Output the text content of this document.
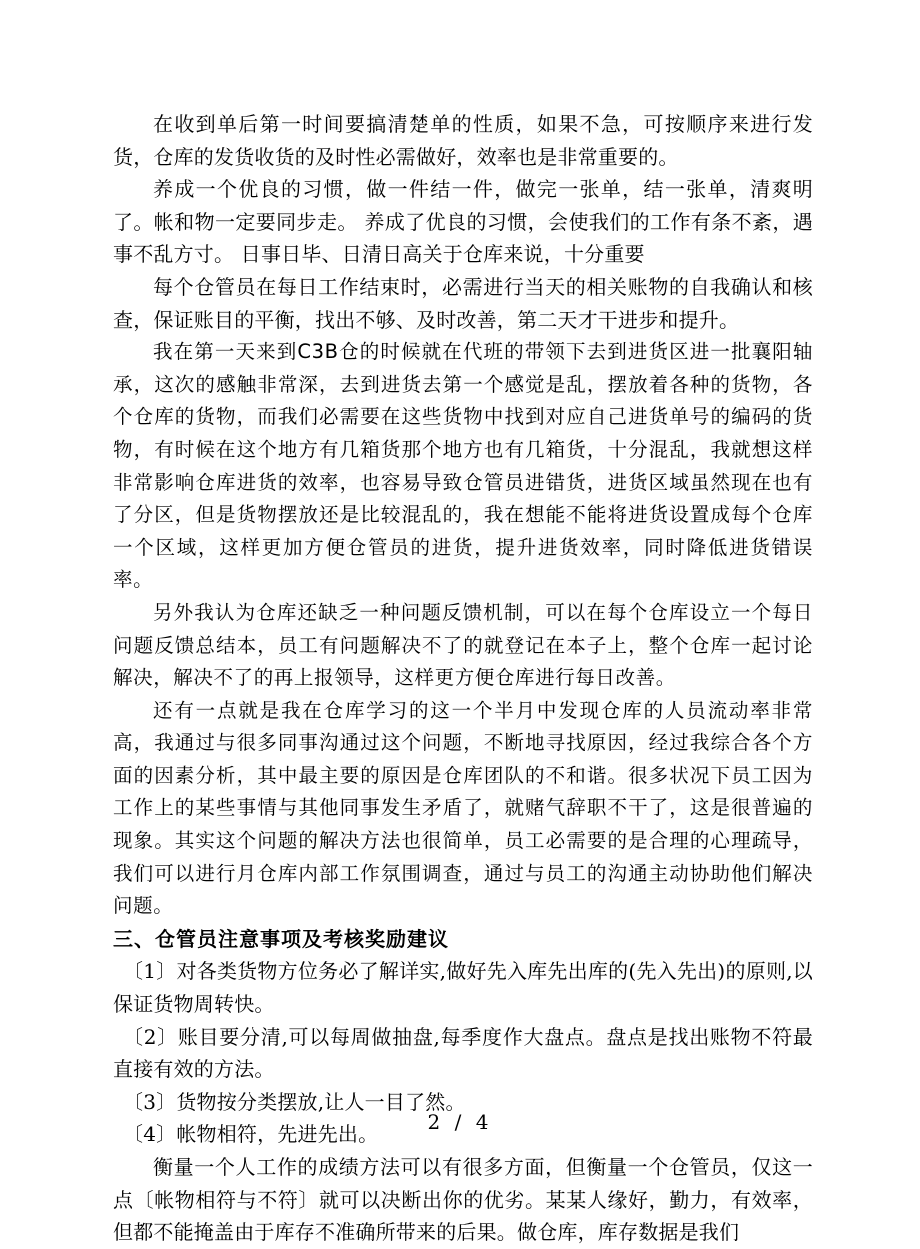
在收到单后第一时间要搞清楚单的性质，如果不急，可按顺序来进行发货，仓库的发货收货的及时性必需做好，效率也是非常重要的。

养成一个优良的习惯，做一件结一件，做完一张单，结一张单，清爽明了。帐和物一定要同步走。 养成了优良的习惯，会使我们的工作有条不紊，遇事不乱方寸。 日事日毕、日清日高关于仓库来说，十分重要

每个仓管员在每日工作结束时，必需进行当天的相关账物的自我确认和核查，保证账目的平衡，找出不够、及时改善，第二天才干进步和提升。

我在第一天来到C3B仓的时候就在代班的带领下去到进货区进一批襄阳轴承，这次的感触非常深，去到进货去第一个感觉是乱，摆放着各种的货物，各个仓库的货物，而我们必需要在这些货物中找到对应自己进货单号的编码的货物，有时候在这个地方有几箱货那个地方也有几箱货，十分混乱，我就想这样非常影响仓库进货的效率，也容易导致仓管员进错货，进货区域虽然现在也有了分区，但是货物摆放还是比较混乱的，我在想能不能将进货设置成每个仓库一个区域，这样更加方便仓管员的进货，提升进货效率，同时降低进货错误率。

另外我认为仓库还缺乏一种问题反馈机制，可以在每个仓库设立一个每日问题反馈总结本，员工有问题解决不了的就登记在本子上，整个仓库一起讨论解决，解决不了的再上报领导，这样更方便仓库进行每日改善。

还有一点就是我在仓库学习的这一个半月中发现仓库的人员流动率非常高，我通过与很多同事沟通过这个问题，不断地寻找原因，经过我综合各个方面的因素分析，其中最主要的原因是仓库团队的不和谐。很多状况下员工因为工作上的某些事情与其他同事发生矛盾了，就赌气辞职不干了，这是很普遍的现象。其实这个问题的解决方法也很简单，员工必需要的是合理的心理疏导，我们可以进行月仓库内部工作氛围调查，通过与员工的沟通主动协助他们解决问题。

三、仓管员注意事项及考核奖励建议

〔1〕对各类货物方位务必了解详实,做好先入库先出库的(先入先出)的原则,以保证货物周转快。

〔2〕账目要分清,可以每周做抽盘,每季度作大盘点。盘点是找出账物不符最直接有效的方法。

〔3〕货物按分类摆放,让人一目了然。

〔4〕帐物相符，先进先出。

衡量一个人工作的成绩方法可以有很多方面，但衡量一个仓管员，仅这一点〔帐物相符与不符〕就可以决断出你的优劣。某某人缘好，勤力，有效率，但都不能掩盖由于库存不准确所带来的后果。做仓库，库存数据是我们

2 / 4
